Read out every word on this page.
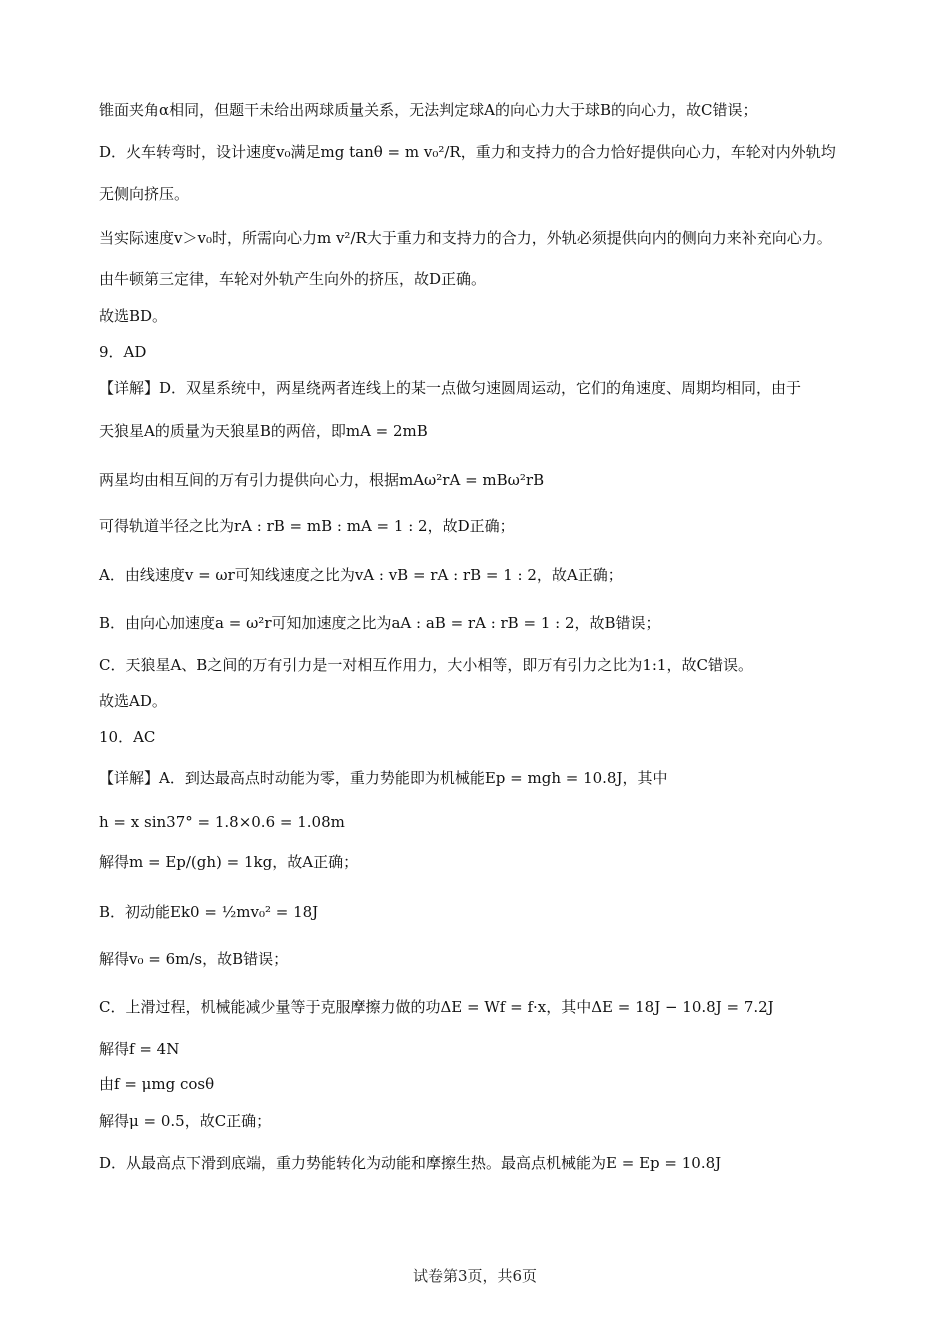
锥面夹角α相同，但题干未给出两球质量关系，无法判定球A的向心力大于球B的向心力，故C错误；
D．火车转弯时，设计速度v₀满足mg tanθ = m v₀²/R，重力和支持力的合力恰好提供向心力，车轮对内外轨均
无侧向挤压。
当实际速度v＞v₀时，所需向心力m v²/R大于重力和支持力的合力，外轨必须提供向内的侧向力来补充向心力。
由牛顿第三定律，车轮对外轨产生向外的挤压，故D正确。
故选BD。
9．AD
【详解】D．双星系统中，两星绕两者连线上的某一点做匀速圆周运动，它们的角速度、周期均相同，由于
天狼星A的质量为天狼星B的两倍，即mA = 2mB
两星均由相互间的万有引力提供向心力，根据mAω²rA = mBω²rB
可得轨道半径之比为rA : rB = mB : mA = 1 : 2，故D正确；
A．由线速度v = ωr可知线速度之比为vA : vB = rA : rB = 1 : 2，故A正确；
B．由向心加速度a = ω²r可知加速度之比为aA : aB = rA : rB = 1 : 2，故B错误；
C．天狼星A、B之间的万有引力是一对相互作用力，大小相等，即万有引力之比为1:1，故C错误。
故选AD。
10．AC
【详解】A．到达最高点时动能为零，重力势能即为机械能Ep = mgh = 10.8J，其中
h = x sin37° = 1.8×0.6 = 1.08m
解得m = Ep/(gh) = 1kg，故A正确；
B．初动能Ek0 = ½mv₀² = 18J
解得v₀ = 6m/s，故B错误；
C．上滑过程，机械能减少量等于克服摩擦力做的功ΔE = Wf = f·x，其中ΔE = 18J − 10.8J = 7.2J
解得f = 4N
由f = μmg cosθ
解得μ = 0.5，故C正确；
D．从最高点下滑到底端，重力势能转化为动能和摩擦生热。最高点机械能为E = Ep = 10.8J
试卷第3页，共6页
